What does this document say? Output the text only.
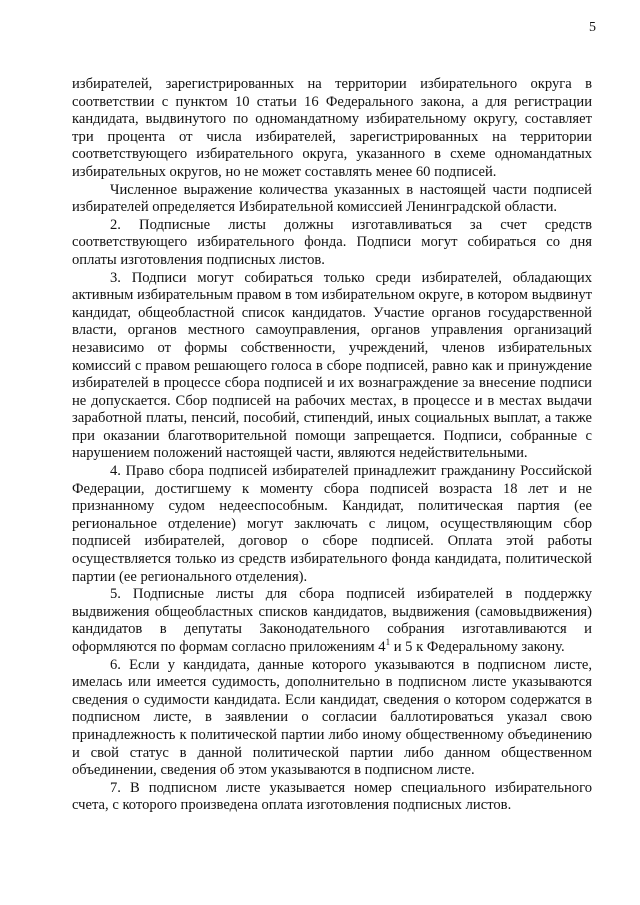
5

избирателей, зарегистрированных на территории избирательного округа в соответствии с пунктом 10 статьи 16 Федерального закона, а для регистрации кандидата, выдвинутого по одномандатному избирательному округу, составляет три процента от числа избирателей, зарегистрированных на территории соответствующего избирательного округа, указанного в схеме одномандатных избирательных округов, но не может составлять менее 60 подписей.

Численное выражение количества указанных в настоящей части подписей избирателей определяется Избирательной комиссией Ленинградской области.

2. Подписные листы должны изготавливаться за счет средств соответствующего избирательного фонда. Подписи могут собираться со дня оплаты изготовления подписных листов.

3. Подписи могут собираться только среди избирателей, обладающих активным избирательным правом в том избирательном округе, в котором выдвинут кандидат, общеобластной список кандидатов. Участие органов государственной власти, органов местного самоуправления, органов управления организаций независимо от формы собственности, учреждений, членов избирательных комиссий с правом решающего голоса в сборе подписей, равно как и принуждение избирателей в процессе сбора подписей и их вознаграждение за внесение подписи не допускается. Сбор подписей на рабочих местах, в процессе и в местах выдачи заработной платы, пенсий, пособий, стипендий, иных социальных выплат, а также при оказании благотворительной помощи запрещается. Подписи, собранные с нарушением положений настоящей части, являются недействительными.

4. Право сбора подписей избирателей принадлежит гражданину Российской Федерации, достигшему к моменту сбора подписей возраста 18 лет и не признанному судом недееспособным. Кандидат, политическая партия (ее региональное отделение) могут заключать с лицом, осуществляющим сбор подписей избирателей, договор о сборе подписей. Оплата этой работы осуществляется только из средств избирательного фонда кандидата, политической партии (ее регионального отделения).

5. Подписные листы для сбора подписей избирателей в поддержку выдвижения общеобластных списков кандидатов, выдвижения (самовыдвижения) кандидатов в депутаты Законодательного собрания изготавливаются и оформляются по формам согласно приложениям $4^1$ и 5 к Федеральному закону.

6. Если у кандидата, данные которого указываются в подписном листе, имелась или имеется судимость, дополнительно в подписном листе указываются сведения о судимости кандидата. Если кандидат, сведения о котором содержатся в подписном листе, в заявлении о согласии баллотироваться указал свою принадлежность к политической партии либо иному общественному объединению и свой статус в данной политической партии либо данном общественном объединении, сведения об этом указываются в подписном листе.

7. В подписном листе указывается номер специального избирательного счета, с которого произведена оплата изготовления подписных листов.
